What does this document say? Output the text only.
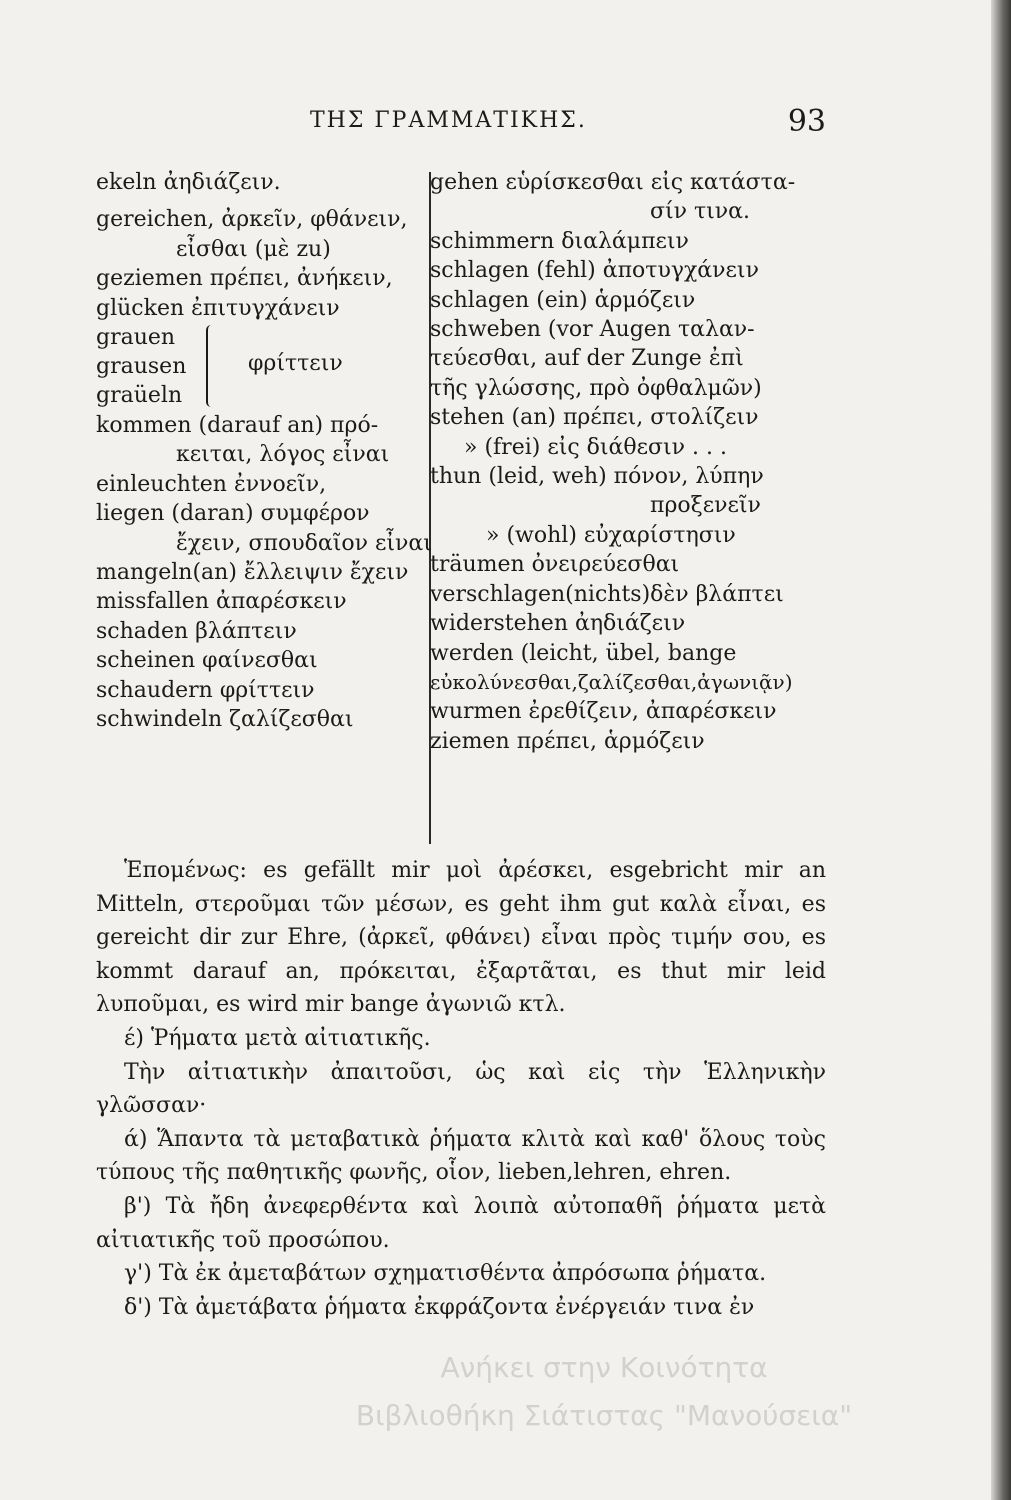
ΤΗΣ ΓΡΑΜΜΑΤΙΚΗΣ.	93
ekeln ἀηδιάζειν.
gereichen, ἀρκεῖν, φθάνειν,
εἶσθαι (μὲ zu)
geziemen πρέπει, ἀνήκειν,
glücken ἐπιτυγχάνειν
grauen
grausen
graüeln
φρίττειν
kommen (darauf an) πρό-
κειται, λόγος εἶναι
einleuchten ἐννοεῖν,
liegen (daran) συμφέρον
ἔχειν, σπουδαῖον εἶναι
mangeln(an) ἔλλειψιν ἔχειν
missfallen ἀπαρέσκειν
schaden βλάπτειν
scheinen φαίνεσθαι
schaudern φρίττειν
schwindeln ζαλίζεσθαι
gehen εὑρίσκεσθαι εἰς κατάστα-
σίν τινα.
schimmern διαλάμπειν
schlagen (fehl) ἀποτυγχάνειν
schlagen (ein) ἁρμόζειν
schweben (vor Augen ταλαν-
τεύεσθαι, auf der Zunge ἐπὶ
τῆς γλώσσης, πρὸ ὀφθαλμῶν)
stehen (an) πρέπει, στολίζειν
» (frei) εἰς διάθεσιν . . .
thun (leid, weh) πόνον, λύπην
προξενεῖν
» (wohl) εὐχαρίστησιν
träumen ὀνειρεύεσθαι
verschlagen(nichts)δὲν βλάπτει
widerstehen ἀηδιάζειν
werden (leicht, übel, bange
εὐκολύνεσθαι,ζαλίζεσθαι,ἀγωνιᾷν)
wurmen ἐρεθίζειν, ἀπαρέσκειν
ziemen πρέπει, ἁρμόζειν
Ἑπομένως: es gefällt mir μοὶ ἀρέσκει, esgebricht mir an Mitteln, στεροῦμαι τῶν μέσων, es geht ihm gut καλὰ εἶναι, es gereicht dir zur Ehre, (ἀρκεῖ, φθάνει) εἶναι πρὸς τιμήν σου, es kommt darauf an, πρόκειται, ἐξαρτᾶται, es thut mir leid λυποῦμαι, es wird mir bange ἀγωνιῶ κτλ.
έ) Ῥήματα μετὰ αἰτιατικῆς.
Τὴν αἰτιατικὴν ἀπαιτοῦσι, ὡς καὶ εἰς τὴν Ἑλληνικὴν γλῶσσαν·
ά) Ἅπαντα τὰ μεταβατικὰ ῥήματα κλιτὰ καὶ καθ' ὅλους τοὺς τύπους τῆς παθητικῆς φωνῆς, οἷον, lieben,lehren, ehren.
β') Τὰ ἤδη ἀνεφερθέντα καὶ λοιπὰ αὐτοπαθῆ ῥήματα μετὰ αἰτιατικῆς τοῦ προσώπου.
γ') Τὰ ἐκ ἀμεταβάτων σχηματισθέντα ἀπρόσωπα ῥήματα.
δ') Τὰ ἀμετάβατα ῥήματα ἐκφράζοντα ἐνέργειάν τινα ἐν
Ανήκει στην Κοινότητα
Βιβλιοθήκη Σιάτιστας "Μανούσεια"
